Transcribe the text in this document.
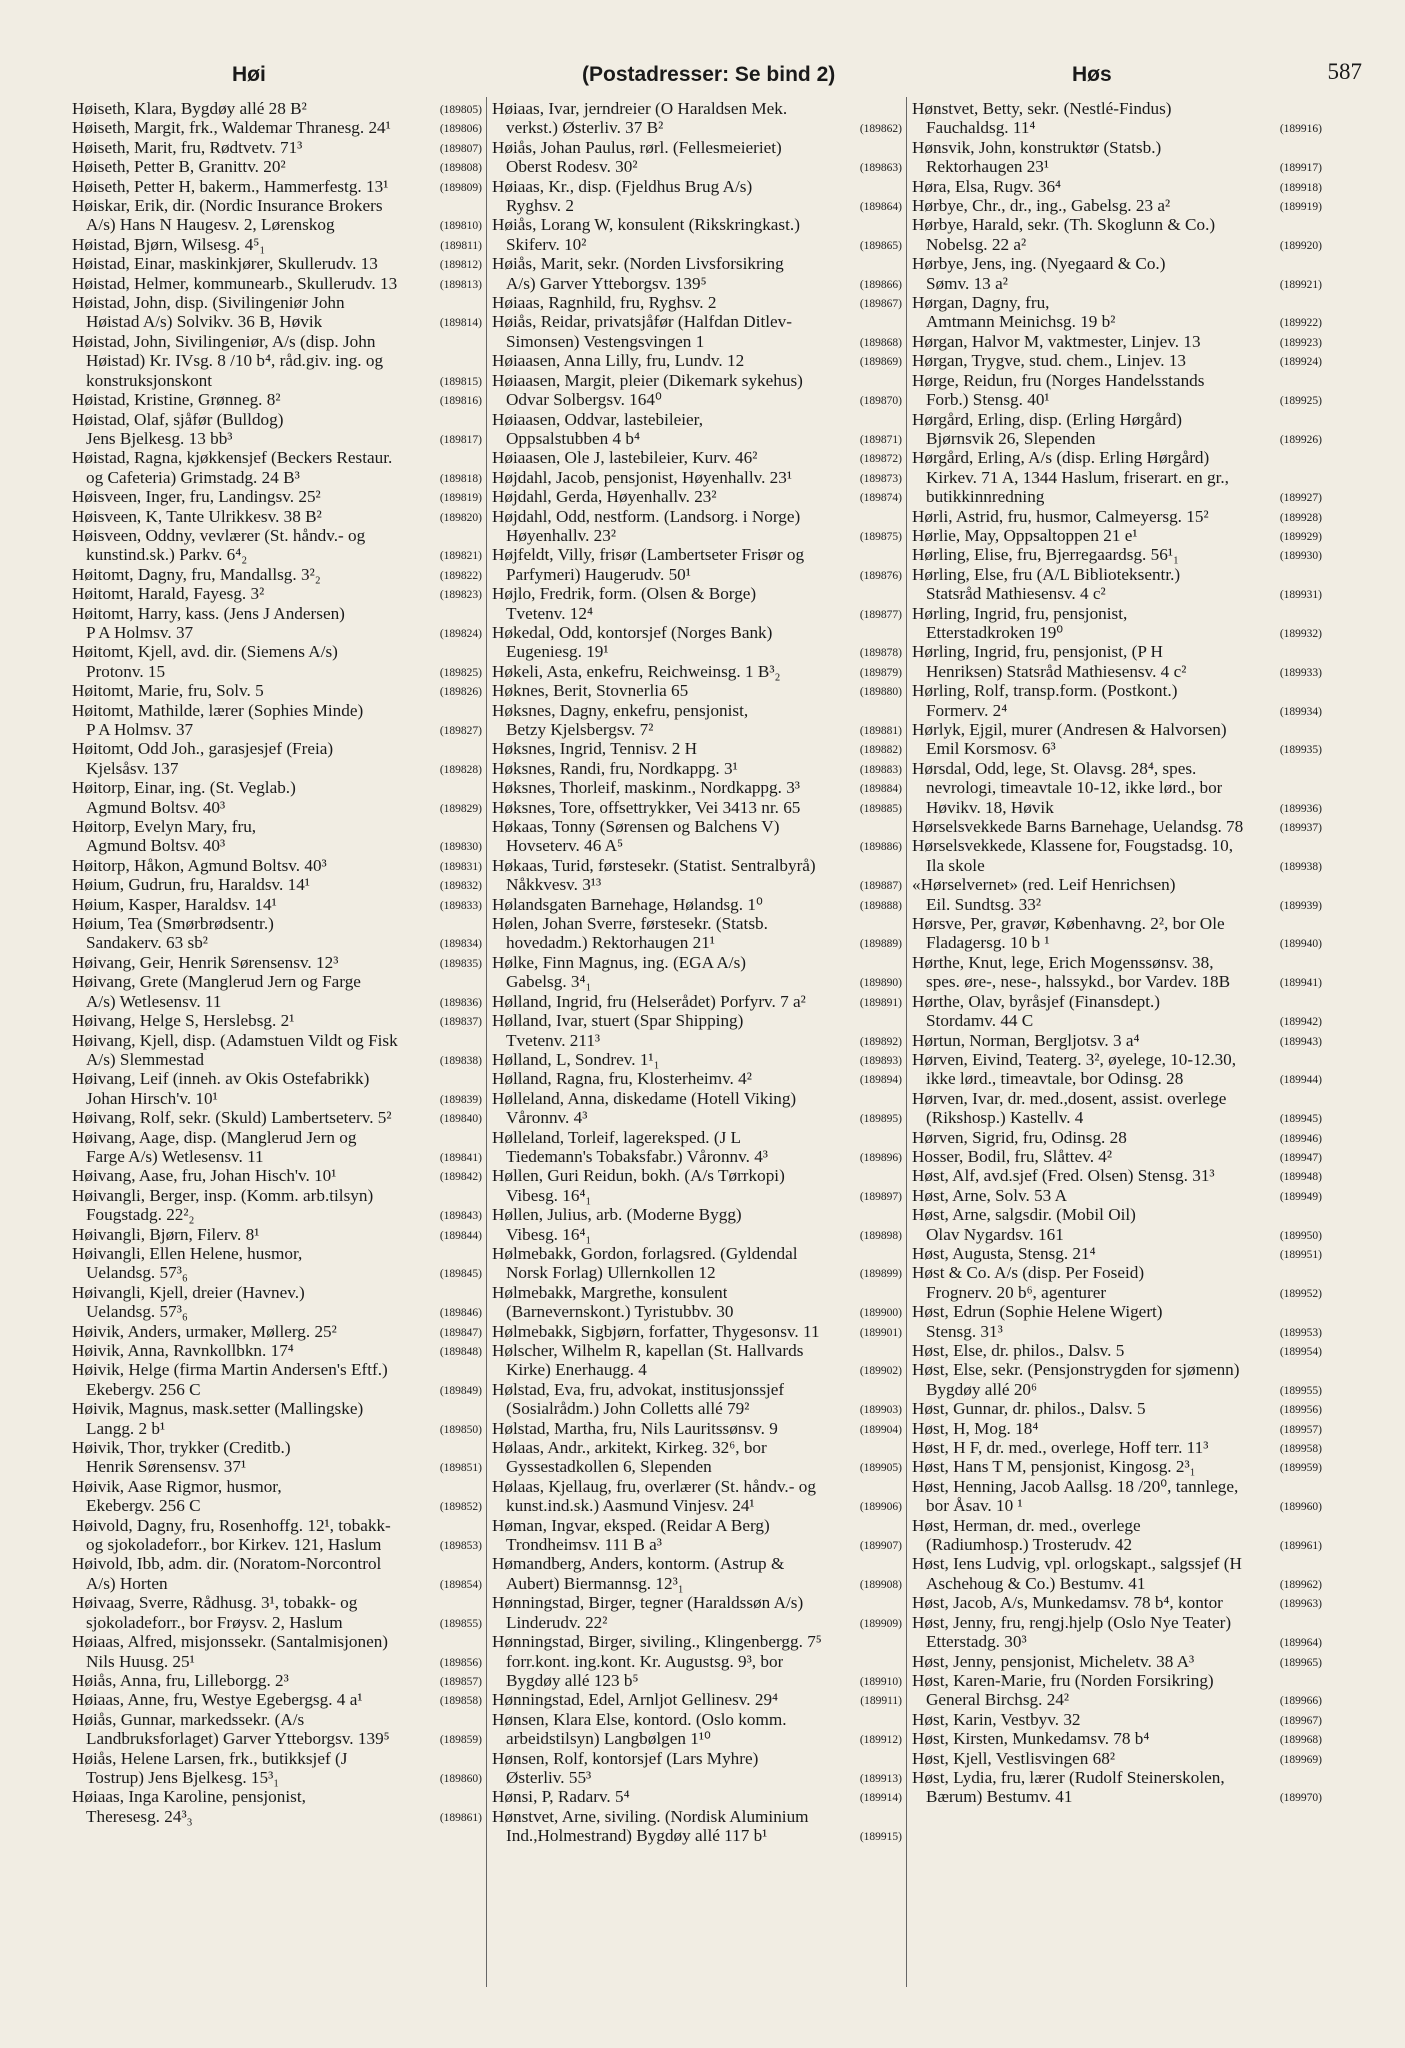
Høi	(Postadresser: Se bind 2)	Høs	587
Høiseth, Klara, Bygdøy allé 28 B²	(189805)
Høiseth, Margit, frk., Waldemar Thranesg. 24¹	(189806)
Høiseth, Marit, fru, Rødtvetv. 71³	(189807)
Høiseth, Petter B, Granittv. 20²	(189808)
Høiseth, Petter H, bakerm., Hammerfestg. 13¹	(189809)
Høiskar, Erik, dir. (Nordic Insurance Brokers
A/s) Hans N Haugesv. 2, Lørenskog	(189810)
Høistad, Bjørn, Wilsesg. 4⁵₁	(189811)
Høistad, Einar, maskinkjører, Skullerudv. 13	(189812)
Høistad, Helmer, kommunearb., Skullerudv. 13	(189813)
Høistad, John, disp. (Sivilingeniør John
Høistad A/s) Solvikv. 36 B, Høvik	(189814)
Høistad, John, Sivilingeniør, A/s (disp. John
Høistad) Kr. IVsg. 8 /10 b⁴, råd.giv. ing. og
konstruksjonskont	(189815)
Høistad, Kristine, Grønneg. 8²	(189816)
Høistad, Olaf, sjåfør (Bulldog)
Jens Bjelkesg. 13 bb³	(189817)
Høistad, Ragna, kjøkkensjef (Beckers Restaur.
og Cafeteria) Grimstadg. 24 B³	(189818)
Høisveen, Inger, fru, Landingsv. 25²	(189819)
Høisveen, K, Tante Ulrikkesv. 38 B²	(189820)
Høisveen, Oddny, vevlærer (St. håndv.- og
kunstind.sk.) Parkv. 6⁴₂	(189821)
Høitomt, Dagny, fru, Mandallsg. 3²₂	(189822)
Høitomt, Harald, Fayesg. 3²	(189823)
Høitomt, Harry, kass. (Jens J Andersen)
P A Holmsv. 37	(189824)
Høitomt, Kjell, avd. dir. (Siemens A/s)
Protonv. 15	(189825)
Høitomt, Marie, fru, Solv. 5	(189826)
Høitomt, Mathilde, lærer (Sophies Minde)
P A Holmsv. 37	(189827)
Høitomt, Odd Joh., garasjesjef (Freia)
Kjelsåsv. 137	(189828)
Høitorp, Einar, ing. (St. Veglab.)
Agmund Boltsv. 40³	(189829)
Høitorp, Evelyn Mary, fru,
Agmund Boltsv. 40³	(189830)
Høitorp, Håkon, Agmund Boltsv. 40³	(189831)
Høium, Gudrun, fru, Haraldsv. 14¹	(189832)
Høium, Kasper, Haraldsv. 14¹	(189833)
Høium, Tea (Smørbrødsentr.)
Sandakerv. 63 sb²	(189834)
Høivang, Geir, Henrik Sørensensv. 12³	(189835)
Høivang, Grete (Manglerud Jern og Farge
A/s) Wetlesensv. 11	(189836)
Høivang, Helge S, Herslebsg. 2¹	(189837)
Høivang, Kjell, disp. (Adamstuen Vildt og Fisk
A/s) Slemmestad	(189838)
Høivang, Leif (inneh. av Okis Ostefabrikk)
Johan Hirsch'v. 10¹	(189839)
Høivang, Rolf, sekr. (Skuld) Lambertseterv. 5²	(189840)
Høivang, Aage, disp. (Manglerud Jern og
Farge A/s) Wetlesensv. 11	(189841)
Høivang, Aase, fru, Johan Hisch'v. 10¹	(189842)
Høivangli, Berger, insp. (Komm. arb.tilsyn)
Fougstadg. 22²₂	(189843)
Høivangli, Bjørn, Filerv. 8¹	(189844)
Høivangli, Ellen Helene, husmor,
Uelandsg. 57³₆	(189845)
Høivangli, Kjell, dreier (Havnev.)
Uelandsg. 57³₆	(189846)
Høivik, Anders, urmaker, Møllerg. 25²	(189847)
Høivik, Anna, Ravnkollbkn. 17⁴	(189848)
Høivik, Helge (firma Martin Andersen's Eftf.)
Ekebergv. 256 C	(189849)
Høivik, Magnus, mask.setter (Mallingske)
Langg. 2 b¹	(189850)
Høivik, Thor, trykker (Creditb.)
Henrik Sørensensv. 37¹	(189851)
Høivik, Aase Rigmor, husmor,
Ekebergv. 256 C	(189852)
Høivold, Dagny, fru, Rosenhoffg. 12¹, tobakk-
og sjokoladeforr., bor Kirkev. 121, Haslum	(189853)
Høivold, Ibb, adm. dir. (Noratom-Norcontrol
A/s) Horten	(189854)
Høivaag, Sverre, Rådhusg. 3¹, tobakk- og
sjokoladeforr., bor Frøysv. 2, Haslum	(189855)
Høiaas, Alfred, misjonssekr. (Santalmisjonen)
Nils Huusg. 25¹	(189856)
Høiås, Anna, fru, Lilleborgg. 2³	(189857)
Høiaas, Anne, fru, Westye Egebergsg. 4 a¹	(189858)
Høiås, Gunnar, markedssekr. (A/s
Landbruksforlaget) Garver Ytteborgsv. 139⁵	(189859)
Høiås, Helene Larsen, frk., butikksjef (J
Tostrup) Jens Bjelkesg. 15³₁	(189860)
Høiaas, Inga Karoline, pensjonist,
Theresesg. 24³₃	(189861)
Høiaas, Ivar, jerndreier (O Haraldsen Mek.
verkst.) Østerliv. 37 B²	(189862)
Høiås, Johan Paulus, rørl. (Fellesmeieriet)
Oberst Rodesv. 30²	(189863)
Høiaas, Kr., disp. (Fjeldhus Brug A/s)
Ryghsv. 2	(189864)
Høiås, Lorang W, konsulent (Rikskringkast.)
Skiferv. 10²	(189865)
Høiås, Marit, sekr. (Norden Livsforsikring
A/s) Garver Ytteborgsv. 139⁵	(189866)
Høiaas, Ragnhild, fru, Ryghsv. 2	(189867)
Høiås, Reidar, privatsjåfør (Halfdan Ditlev-
Simonsen) Vestengsvingen 1	(189868)
Høiaasen, Anna Lilly, fru, Lundv. 12	(189869)
Høiaasen, Margit, pleier (Dikemark sykehus)
Odvar Solbergsv. 164⁰	(189870)
Høiaasen, Oddvar, lastebileier,
Oppsalstubben 4 b⁴	(189871)
Høiaasen, Ole J, lastebileier, Kurv. 46²	(189872)
Højdahl, Jacob, pensjonist, Høyenhallv. 23¹	(189873)
Højdahl, Gerda, Høyenhallv. 23²	(189874)
Højdahl, Odd, nestform. (Landsorg. i Norge)
Høyenhallv. 23²	(189875)
Højfeldt, Villy, frisør (Lambertseter Frisør og
Parfymeri) Haugerudv. 50¹	(189876)
Højlo, Fredrik, form. (Olsen & Borge)
Tvetenv. 12⁴	(189877)
Høkedal, Odd, kontorsjef (Norges Bank)
Eugeniesg. 19¹	(189878)
Høkeli, Asta, enkefru, Reichweinsg. 1 B³₂	(189879)
Høknes, Berit, Stovnerlia 65	(189880)
Høksnes, Dagny, enkefru, pensjonist,
Betzy Kjelsbergsv. 7²	(189881)
Høksnes, Ingrid, Tennisv. 2 H	(189882)
Høksnes, Randi, fru, Nordkappg. 3¹	(189883)
Høksnes, Thorleif, maskinm., Nordkappg. 3³	(189884)
Høksnes, Tore, offsettrykker, Vei 3413 nr. 65	(189885)
Høkaas, Tonny (Sørensen og Balchens V)
Hovseterv. 46 A⁵	(189886)
Høkaas, Turid, førstesekr. (Statist. Sentralbyrå)
Nåkkvesv. 3¹³	(189887)
Hølandsgaten Barnehage, Hølandsg. 1⁰	(189888)
Hølen, Johan Sverre, førstesekr. (Statsb.
hovedadm.) Rektorhaugen 21¹	(189889)
Hølke, Finn Magnus, ing. (EGA A/s)
Gabelsg. 3⁴₁	(189890)
Hølland, Ingrid, fru (Helserådet) Porfyrv. 7 a²	(189891)
Hølland, Ivar, stuert (Spar Shipping)
Tvetenv. 211³	(189892)
Hølland, L, Sondrev. 1¹₁	(189893)
Hølland, Ragna, fru, Klosterheimv. 4²	(189894)
Hølleland, Anna, diskedame (Hotell Viking)
Våronnv. 4³	(189895)
Hølleland, Torleif, lagereksped. (J L
Tiedemann's Tobaksfabr.) Våronnv. 4³	(189896)
Høllen, Guri Reidun, bokh. (A/s Tørrkopi)
Vibesg. 16⁴₁	(189897)
Høllen, Julius, arb. (Moderne Bygg)
Vibesg. 16⁴₁	(189898)
Hølmebakk, Gordon, forlagsred. (Gyldendal
Norsk Forlag) Ullernkollen 12	(189899)
Hølmebakk, Margrethe, konsulent
(Barnevernskont.) Tyristubbv. 30	(189900)
Hølmebakk, Sigbjørn, forfatter, Thygesonsv. 11	(189901)
Hølscher, Wilhelm R, kapellan (St. Hallvards
Kirke) Enerhaugg. 4	(189902)
Hølstad, Eva, fru, advokat, institusjonssjef
(Sosialrådm.) John Colletts allé 79²	(189903)
Hølstad, Martha, fru, Nils Lauritssønsv. 9	(189904)
Hølaas, Andr., arkitekt, Kirkeg. 32⁶, bor
Gyssestadkollen 6, Slependen	(189905)
Hølaas, Kjellaug, fru, overlærer (St. håndv.- og
kunst.ind.sk.) Aasmund Vinjesv. 24¹	(189906)
Høman, Ingvar, eksped. (Reidar A Berg)
Trondheimsv. 111 B a³	(189907)
Hømandberg, Anders, kontorm. (Astrup &
Aubert) Biermannsg. 12³₁	(189908)
Hønningstad, Birger, tegner (Haraldssøn A/s)
Linderudv. 22²	(189909)
Hønningstad, Birger, siviling., Klingenbergg. 7⁵
forr.kont. ing.kont. Kr. Augustsg. 9³, bor
Bygdøy allé 123 b⁵	(189910)
Hønningstad, Edel, Arnljot Gellinesv. 29⁴	(189911)
Hønsen, Klara Else, kontord. (Oslo komm.
arbeidstilsyn) Langbølgen 1¹⁰	(189912)
Hønsen, Rolf, kontorsjef (Lars Myhre)
Østerliv. 55³	(189913)
Hønsi, P, Radarv. 5⁴	(189914)
Hønstvet, Arne, siviling. (Nordisk Aluminium
Ind.,Holmestrand) Bygdøy allé 117 b¹	(189915)
Hønstvet, Betty, sekr. (Nestlé-Findus)
Fauchaldsg. 11⁴	(189916)
Hønsvik, John, konstruktør (Statsb.)
Rektorhaugen 23¹	(189917)
Høra, Elsa, Rugv. 36⁴	(189918)
Hørbye, Chr., dr., ing., Gabelsg. 23 a²	(189919)
Hørbye, Harald, sekr. (Th. Skoglunn & Co.)
Nobelsg. 22 a²	(189920)
Hørbye, Jens, ing. (Nyegaard & Co.)
Sømv. 13 a²	(189921)
Hørgan, Dagny, fru,
Amtmann Meinichsg. 19 b²	(189922)
Hørgan, Halvor M, vaktmester, Linjev. 13	(189923)
Hørgan, Trygve, stud. chem., Linjev. 13	(189924)
Hørge, Reidun, fru (Norges Handelsstands
Forb.) Stensg. 40¹	(189925)
Hørgård, Erling, disp. (Erling Hørgård)
Bjørnsvik 26, Slependen	(189926)
Hørgård, Erling, A/s (disp. Erling Hørgård)
Kirkev. 71 A, 1344 Haslum, friserart. en gr.,
butikkinnredning	(189927)
Hørli, Astrid, fru, husmor, Calmeyersg. 15²	(189928)
Hørlie, May, Oppsaltoppen 21 e¹	(189929)
Hørling, Elise, fru, Bjerregaardsg. 56¹₁	(189930)
Hørling, Else, fru (A/L Biblioteksentr.)
Statsråd Mathiesensv. 4 c²	(189931)
Hørling, Ingrid, fru, pensjonist,
Etterstadkroken 19⁰	(189932)
Hørling, Ingrid, fru, pensjonist, (P H
Henriksen) Statsråd Mathiesensv. 4 c²	(189933)
Hørling, Rolf, transp.form. (Postkont.)
Formerv. 2⁴	(189934)
Hørlyk, Ejgil, murer (Andresen & Halvorsen)
Emil Korsmosv. 6³	(189935)
Hørsdal, Odd, lege, St. Olavsg. 28⁴, spes.
nevrologi, timeavtale 10-12, ikke lørd., bor
Høvikv. 18, Høvik	(189936)
Hørselsvekkede Barns Barnehage, Uelandsg. 78	(189937)
Hørselsvekkede, Klassene for, Fougstadsg. 10,
Ila skole	(189938)
«Hørselvernet» (red. Leif Henrichsen)
Eil. Sundtsg. 33²	(189939)
Hørsve, Per, gravør, Københavng. 2², bor Ole
Fladagersg. 10 b ¹	(189940)
Hørthe, Knut, lege, Erich Mogenssønsv. 38,
spes. øre-, nese-, halssykd., bor Vardev. 18B	(189941)
Hørthe, Olav, byråsjef (Finansdept.)
Stordamv. 44 C	(189942)
Hørtun, Norman, Bergljotsv. 3 a⁴	(189943)
Hørven, Eivind, Teaterg. 3², øyelege, 10-12.30,
ikke lørd., timeavtale, bor Odinsg. 28	(189944)
Hørven, Ivar, dr. med.,dosent, assist. overlege
(Rikshosp.) Kastellv. 4	(189945)
Hørven, Sigrid, fru, Odinsg. 28	(189946)
Hosser, Bodil, fru, Slåttev. 4²	(189947)
Høst, Alf, avd.sjef (Fred. Olsen) Stensg. 31³	(189948)
Høst, Arne, Solv. 53 A	(189949)
Høst, Arne, salgsdir. (Mobil Oil)
Olav Nygardsv. 161	(189950)
Høst, Augusta, Stensg. 21⁴	(189951)
Høst & Co. A/s (disp. Per Foseid)
Frognerv. 20 b⁶, agenturer	(189952)
Høst, Edrun (Sophie Helene Wigert)
Stensg. 31³	(189953)
Høst, Else, dr. philos., Dalsv. 5	(189954)
Høst, Else, sekr. (Pensjonstrygden for sjømenn)
Bygdøy allé 20⁶	(189955)
Høst, Gunnar, dr. philos., Dalsv. 5	(189956)
Høst, H, Mog. 18⁴	(189957)
Høst, H F, dr. med., overlege, Hoff terr. 11³	(189958)
Høst, Hans T M, pensjonist, Kingosg. 2³₁	(189959)
Høst, Henning, Jacob Aallsg. 18 /20⁰, tannlege,
bor Åsav. 10 ¹	(189960)
Høst, Herman, dr. med., overlege
(Radiumhosp.) Trosterudv. 42	(189961)
Høst, Iens Ludvig, vpl. orlogskapt., salgssjef (H
Aschehoug & Co.) Bestumv. 41	(189962)
Høst, Jacob, A/s, Munkedamsv. 78 b⁴, kontor	(189963)
Høst, Jenny, fru, rengj.hjelp (Oslo Nye Teater)
Etterstadg. 30³	(189964)
Høst, Jenny, pensjonist, Micheletv. 38 A³	(189965)
Høst, Karen-Marie, fru (Norden Forsikring)
General Birchsg. 24²	(189966)
Høst, Karin, Vestbyv. 32	(189967)
Høst, Kirsten, Munkedamsv. 78 b⁴	(189968)
Høst, Kjell, Vestlisvingen 68²	(189969)
Høst, Lydia, fru, lærer (Rudolf Steinerskolen,
Bærum) Bestumv. 41	(189970)
